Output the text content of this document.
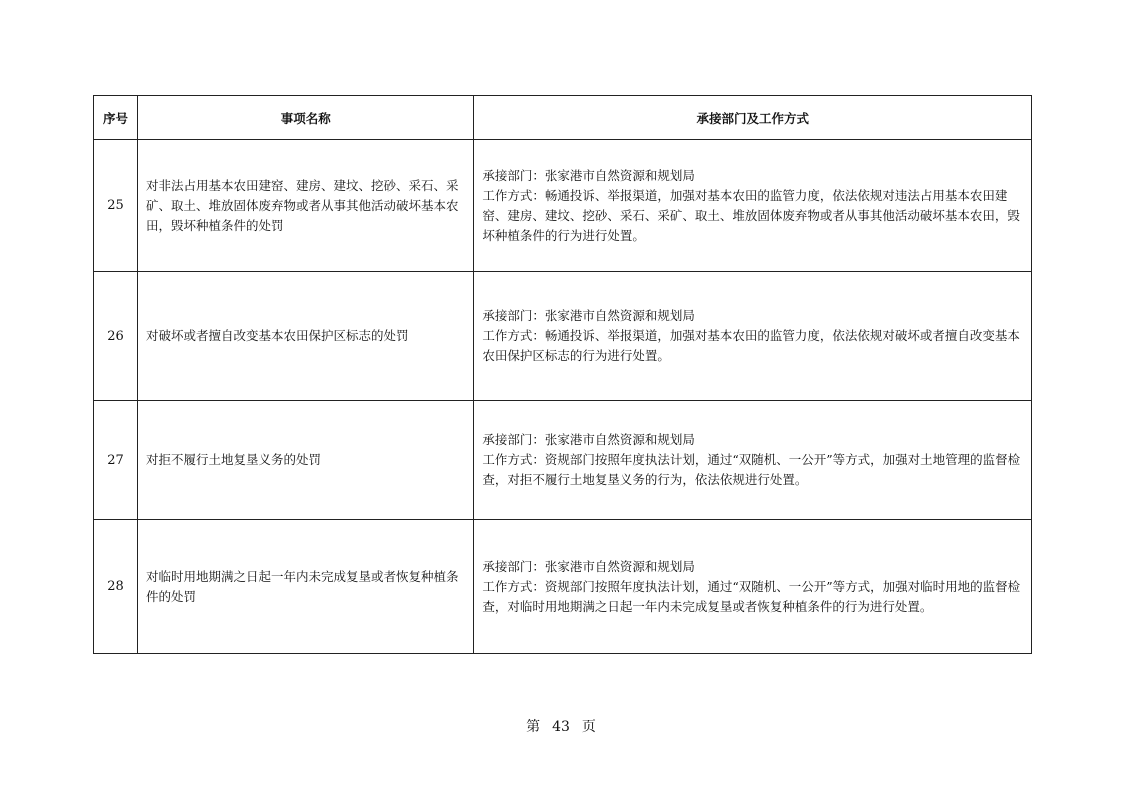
序号	事项名称	承接部门及工作方式
25	对非法占用基本农田建窑、建房、建坟、挖砂、采石、采矿、取土、堆放固体废弃物或者从事其他活动破坏基本农田，毁坏种植条件的处罚	承接部门：张家港市自然资源和规划局
工作方式：畅通投诉、举报渠道，加强对基本农田的监管力度，依法依规对违法占用基本农田建窑、建房、建坟、挖砂、采石、采矿、取土、堆放固体废弃物或者从事其他活动破坏基本农田，毁坏种植条件的行为进行处置。

26	对破坏或者擅自改变基本农田保护区标志的处罚	承接部门：张家港市自然资源和规划局
工作方式：畅通投诉、举报渠道，加强对基本农田的监管力度，依法依规对破坏或者擅自改变基本农田保护区标志的行为进行处置。

27	对拒不履行土地复垦义务的处罚	承接部门：张家港市自然资源和规划局
工作方式：资规部门按照年度执法计划，通过“双随机、一公开”等方式，加强对土地管理的监督检查，对拒不履行土地复垦义务的行为，依法依规进行处置。

28	对临时用地期满之日起一年内未完成复垦或者恢复种植条件的处罚	承接部门：张家港市自然资源和规划局
工作方式：资规部门按照年度执法计划，通过“双随机、一公开”等方式，加强对临时用地的监督检查，对临时用地期满之日起一年内未完成复垦或者恢复种植条件的行为进行处置。
第 43 页
